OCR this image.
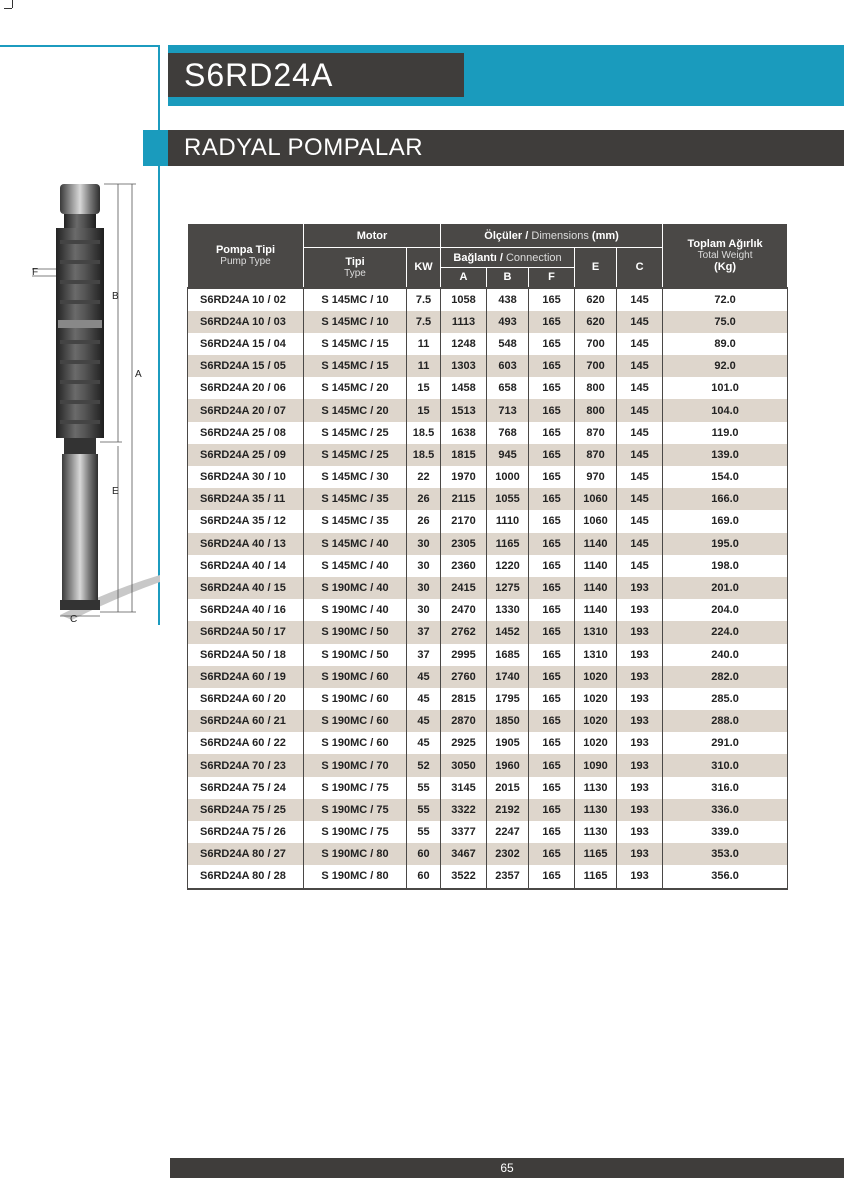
S6RD24A
RADYAL POMPALAR
F
B
A
E
C
Pompa Tipi
Pump Type	Motor		Ölçüler / Dimensions (mm)					Toplam Ağırlık
Total Weight
(Kg)
	Tipi
Type	KW	Bağlantı / Connection			E	C	
			A	B	F			
S6RD24A 10 / 02	S 145MC / 10	7.5	1058	438	165	620	145	72.0
S6RD24A 10 / 03	S 145MC / 10	7.5	1113	493	165	620	145	75.0
S6RD24A 15 / 04	S 145MC / 15	11	1248	548	165	700	145	89.0
S6RD24A 15 / 05	S 145MC / 15	11	1303	603	165	700	145	92.0
S6RD24A 20 / 06	S 145MC / 20	15	1458	658	165	800	145	101.0
S6RD24A 20 / 07	S 145MC / 20	15	1513	713	165	800	145	104.0
S6RD24A 25 / 08	S 145MC / 25	18.5	1638	768	165	870	145	119.0
S6RD24A 25 / 09	S 145MC / 25	18.5	1815	945	165	870	145	139.0
S6RD24A 30 / 10	S 145MC / 30	22	1970	1000	165	970	145	154.0
S6RD24A 35 / 11	S 145MC / 35	26	2115	1055	165	1060	145	166.0
S6RD24A 35 / 12	S 145MC / 35	26	2170	1110	165	1060	145	169.0
S6RD24A 40 / 13	S 145MC / 40	30	2305	1165	165	1140	145	195.0
S6RD24A 40 / 14	S 145MC / 40	30	2360	1220	165	1140	145	198.0
S6RD24A 40 / 15	S 190MC / 40	30	2415	1275	165	1140	193	201.0
S6RD24A 40 / 16	S 190MC / 40	30	2470	1330	165	1140	193	204.0
S6RD24A 50 / 17	S 190MC / 50	37	2762	1452	165	1310	193	224.0
S6RD24A 50 / 18	S 190MC / 50	37	2995	1685	165	1310	193	240.0
S6RD24A 60 / 19	S 190MC / 60	45	2760	1740	165	1020	193	282.0
S6RD24A 60 / 20	S 190MC / 60	45	2815	1795	165	1020	193	285.0
S6RD24A 60 / 21	S 190MC / 60	45	2870	1850	165	1020	193	288.0
S6RD24A 60 / 22	S 190MC / 60	45	2925	1905	165	1020	193	291.0
S6RD24A 70 / 23	S 190MC / 70	52	3050	1960	165	1090	193	310.0
S6RD24A 75 / 24	S 190MC / 75	55	3145	2015	165	1130	193	316.0
S6RD24A 75 / 25	S 190MC / 75	55	3322	2192	165	1130	193	336.0
S6RD24A 75 / 26	S 190MC / 75	55	3377	2247	165	1130	193	339.0
S6RD24A 80 / 27	S 190MC / 80	60	3467	2302	165	1165	193	353.0
S6RD24A 80 / 28	S 190MC / 80	60	3522	2357	165	1165	193	356.0
65
